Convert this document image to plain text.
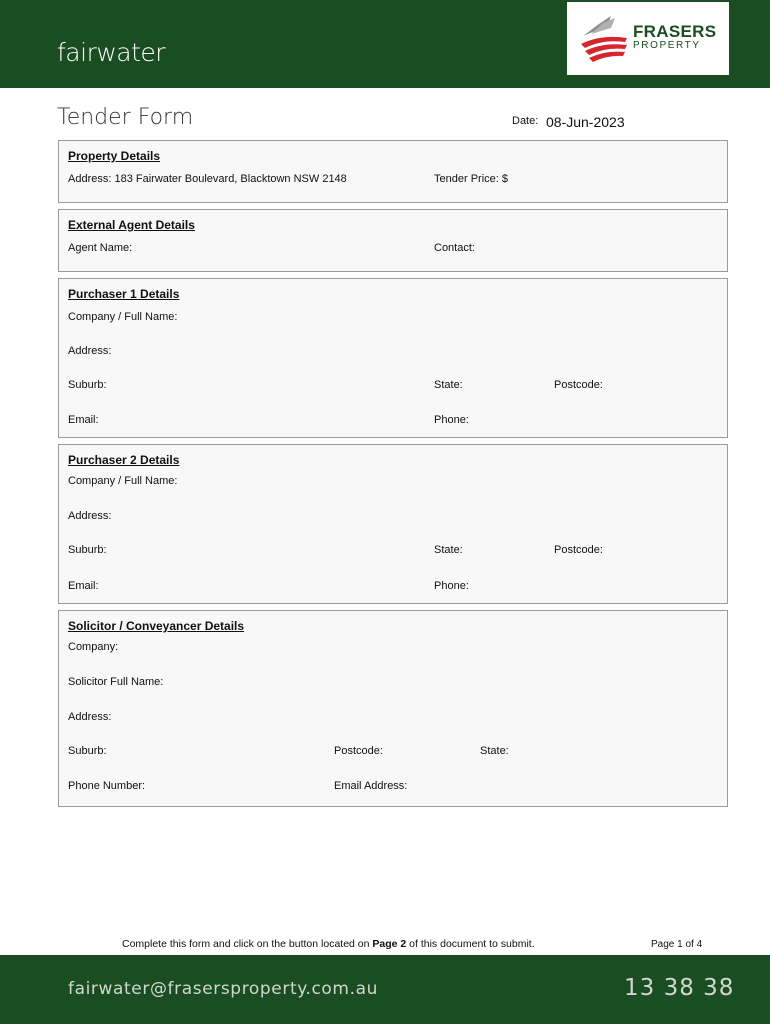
fairwater
FRASERS
PROPERTY
Tender Form	Date: 08-Jun-2023
Property Details
Address: 183 Fairwater Boulevard, Blacktown NSW 2148	Tender Price: $
External Agent Details
Agent Name:	Contact:
Purchaser 1 Details
Company / Full Name:
Address:
Suburb:	State:	Postcode:
Email:	Phone:
Purchaser 2 Details
Company / Full Name:
Address:
Suburb:	State:	Postcode:
Email:	Phone:
Solicitor / Conveyancer Details
Company:
Solicitor Full Name:
Address:
Suburb:	Postcode:	State:
Phone Number:	Email Address:
Complete this form and click on the button located on Page 2 of this document to submit.	Page 1 of 4
fairwater@frasersproperty.com.au	13 38 38
